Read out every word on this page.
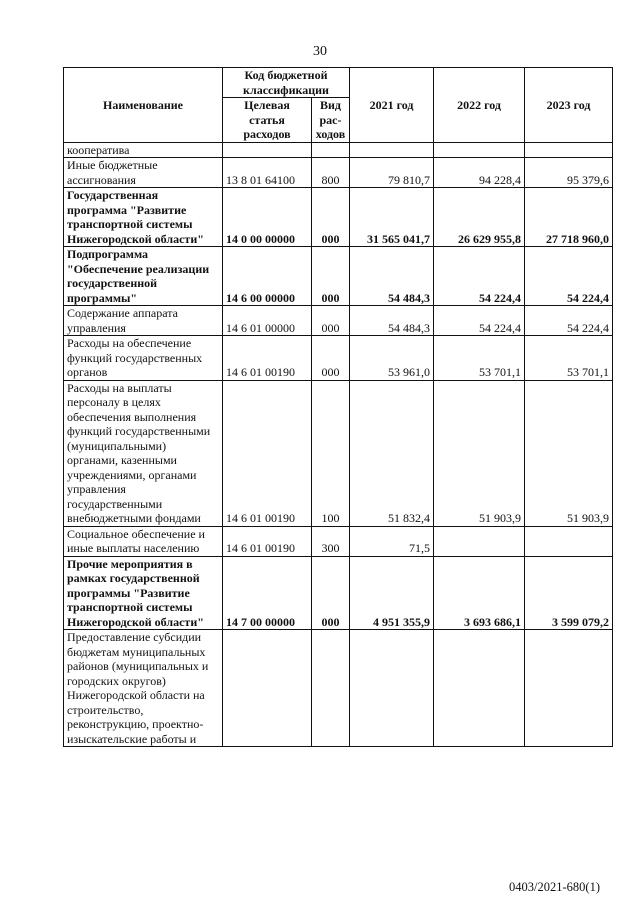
30
Наименование	Код бюджетной классификации		2021 год	2022 год	2023 год
	Целевая статья расходов	Вид рас-ходов			
кооператива					
Иные бюджетные ассигнования	13 8 01 64100	800	79 810,7	94 228,4	95 379,6
Государственная программа "Развитие транспортной системы Нижегородской области"	14 0 00 00000	000	31 565 041,7	26 629 955,8	27 718 960,0
Подпрограмма "Обеспечение реализации государственной программы"	14 6 00 00000	000	54 484,3	54 224,4	54 224,4
Содержание аппарата управления	14 6 01 00000	000	54 484,3	54 224,4	54 224,4
Расходы на обеспечение функций государственных органов	14 6 01 00190	000	53 961,0	53 701,1	53 701,1
Расходы на выплаты персоналу в целях обеспечения выполнения функций государственными (муниципальными) органами, казенными учреждениями, органами управления государственными внебюджетными фондами	14 6 01 00190	100	51 832,4	51 903,9	51 903,9
Социальное обеспечение и иные выплаты населению	14 6 01 00190	300	71,5		
Прочие мероприятия в рамках государственной программы "Развитие транспортной системы Нижегородской области"	14 7 00 00000	000	4 951 355,9	3 693 686,1	3 599 079,2
Предоставление субсидии бюджетам муниципальных районов (муниципальных и городских округов) Нижегородской области на строительство, реконструкцию, проектно-изыскательские работы и					
0403/2021-680(1)
